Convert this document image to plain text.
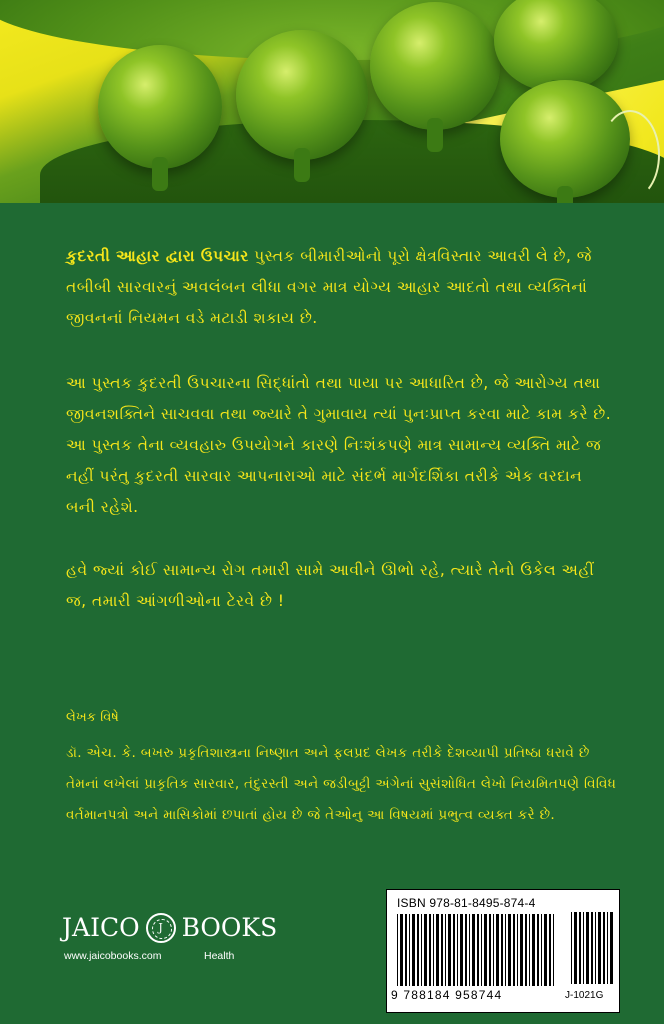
કુદરતી આહાર દ્વારા ઉપચાર પુસ્તક બીમારીઓનો પૂરો ક્ષેત્રવિસ્તાર આવરી લે છે, જે તબીબી સારવારનું અવલંબન લીધા વગર માત્ર યોગ્ય આહાર આદતો તથા વ્યક્તિનાં જીવનનાં નિયમન વડે મટાડી શકાય છે.
આ પુસ્તક કુદરતી ઉપચારના સિદ્ધાંતો તથા પાયા પર આધારિત છે, જે આરોગ્ય તથા જીવનશક્તિને સાચવવા તથા જ્યારે તે ગુમાવાય ત્યાં પુનઃપ્રાપ્ત કરવા માટે કામ કરે છે. આ પુસ્તક તેના વ્યવહારુ ઉપયોગને કારણે નિઃશંકપણે માત્ર સામાન્ય વ્યક્તિ માટે જ નહીં પરંતુ કુદરતી સારવાર આપનારાઓ માટે સંદર્ભ માર્ગદર્શિકા તરીકે એક વરદાન બની રહેશે.
હવે જ્યાં કોઈ સામાન્ય રોગ તમારી સામે આવીને ઊભો રહે, ત્યારે તેનો ઉકેલ અહીં જ, તમારી આંગળીઓના ટેરવે છે !
લેખક વિષે
ડૉ. એચ. કે. બખરુ પ્રકૃતિશાસ્ત્રના નિષ્ણાત અને ફલપ્રદ લેખક તરીકે દેશવ્યાપી પ્રતિષ્ઠા ધરાવે છે તેમનાં લખેલાં પ્રાકૃતિક સારવાર, તંદુરસ્તી અને જડીબુટ્ટી અંગેનાં સુસંશોધિત લેખો નિયમિતપણે વિવિધ વર્તમાનપત્રો અને માસિકોમાં છપાતાં હોય છે જે તેઓનુ આ વિષયમાં પ્રભુત્વ વ્યક્ત કરે છે.
JAICOJ BOOKS
www.jaicobooks.com	Health
ISBN 978-81-8495-874-4
9 788184 958744	J-1021G
